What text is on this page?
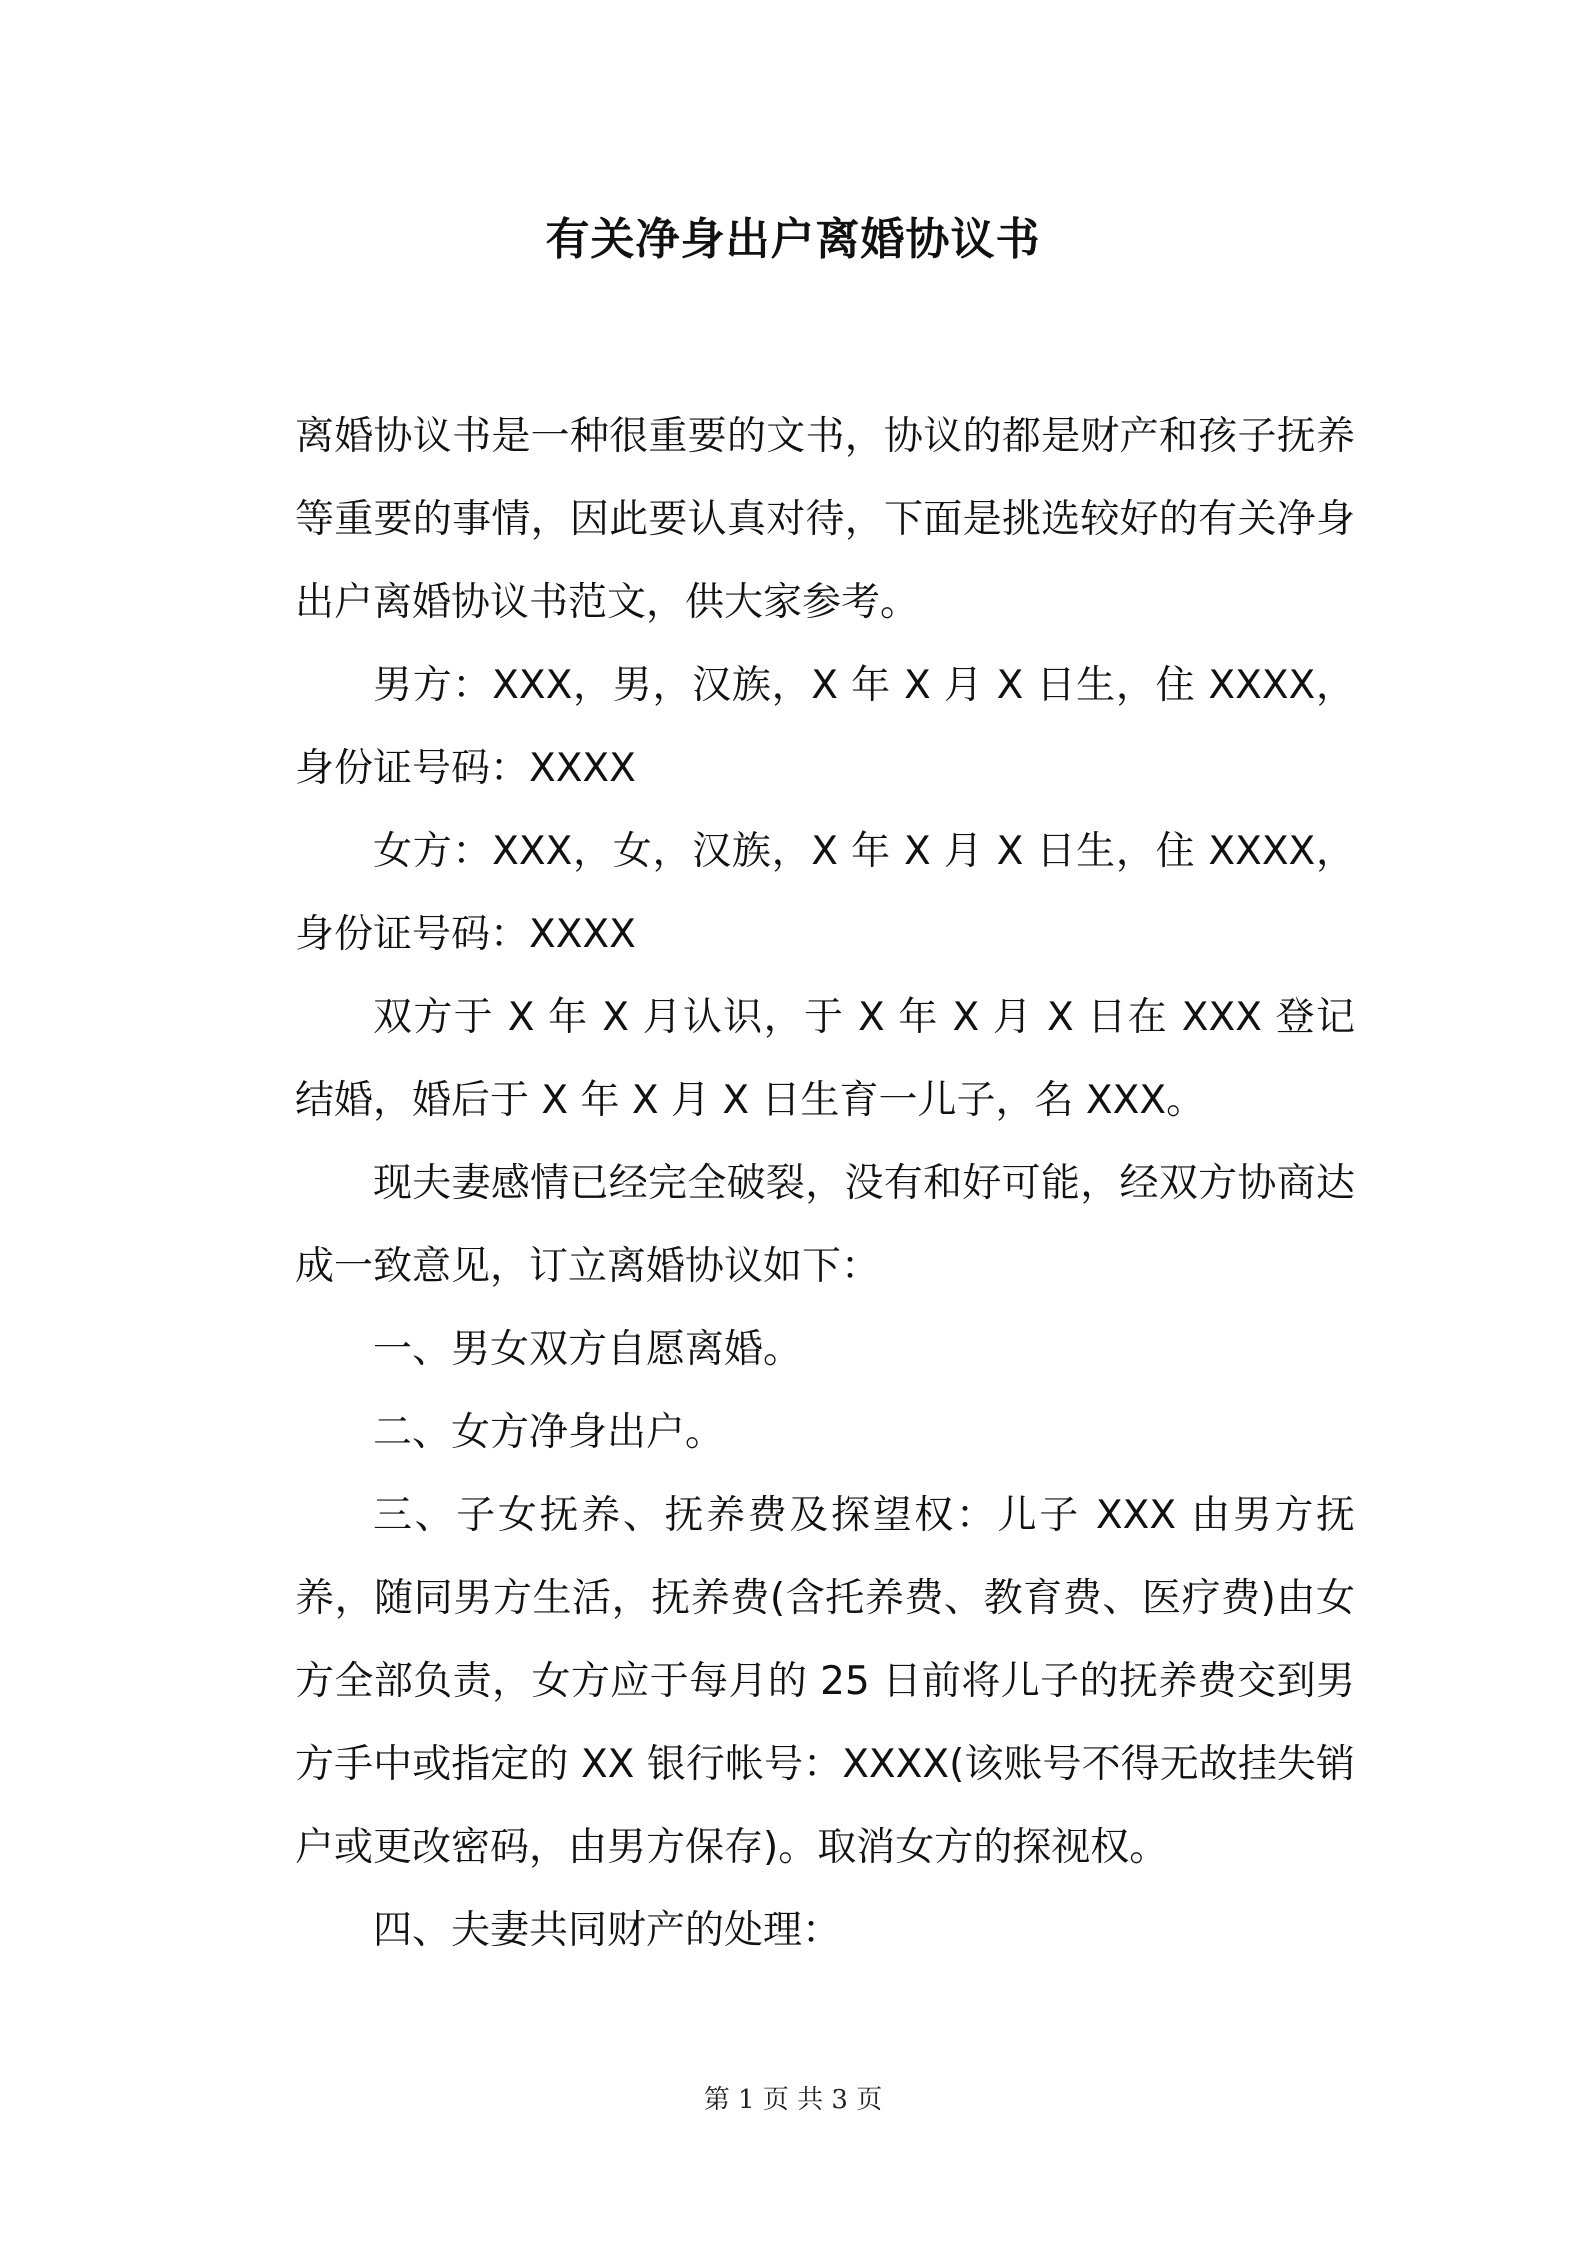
有关净身出户离婚协议书

离婚协议书是一种很重要的文书，协议的都是财产和孩子抚养等重要的事情，因此要认真对待，下面是挑选较好的有关净身出户离婚协议书范文，供大家参考。

男方：XXX，男，汉族，X 年 X 月 X 日生，住 XXXX，身份证号码：XXXX

女方：XXX，女，汉族，X 年 X 月 X 日生，住 XXXX，身份证号码：XXXX

双方于 X 年 X 月认识，于 X 年 X 月 X 日在 XXX 登记结婚，婚后于 X 年 X 月 X 日生育一儿子，名 XXX。

现夫妻感情已经完全破裂，没有和好可能，经双方协商达成一致意见，订立离婚协议如下：

一、男女双方自愿离婚。

二、女方净身出户。

三、子女抚养、抚养费及探望权：儿子 XXX 由男方抚养，随同男方生活，抚养费(含托养费、教育费、医疗费)由女方全部负责，女方应于每月的 25 日前将儿子的抚养费交到男方手中或指定的 XX 银行帐号：XXXX(该账号不得无故挂失销户或更改密码，由男方保存)。取消女方的探视权。

四、夫妻共同财产的处理：

第 1 页 共 3 页
